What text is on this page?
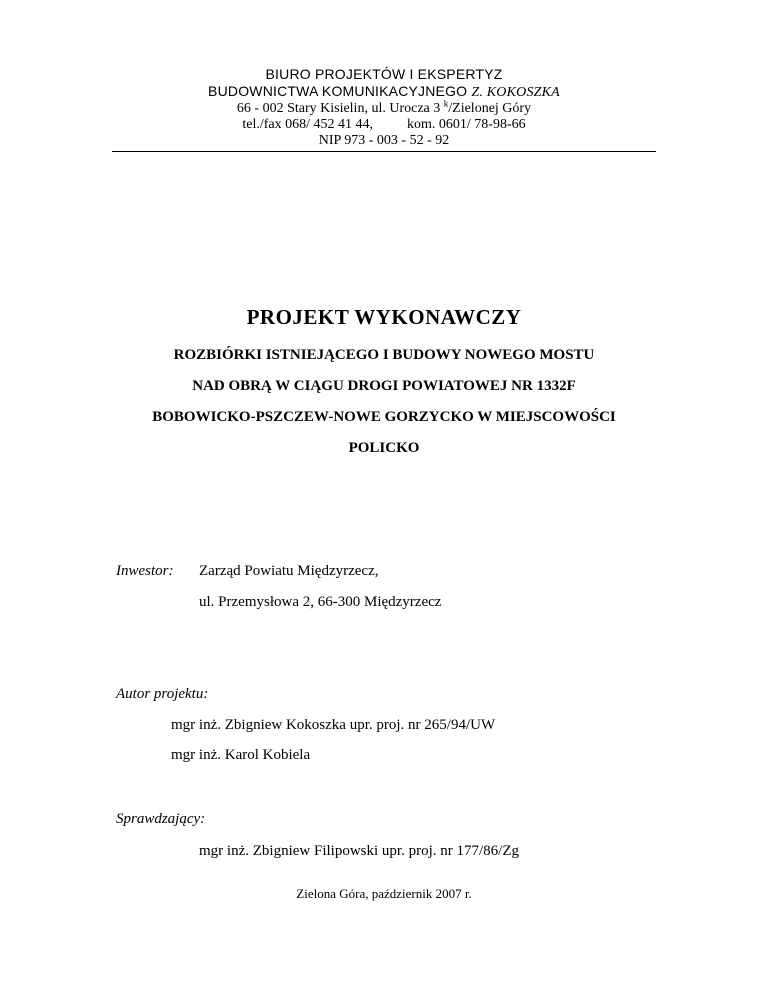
BIURO PROJEKTÓW I EKSPERTYZ
BUDOWNICTWA KOMUNIKACYJNEGO Z. KOKOSZKA
66 - 002 Stary Kisielin, ul. Urocza 3 $^k$/Zielonej Góry
tel./fax 068/ 452 41 44, kom. 0601/ 78-98-66
NIP 973 - 003 - 52 - 92
PROJEKT WYKONAWCZY
ROZBIÓRKI ISTNIEJĄCEGO I BUDOWY NOWEGO MOSTU
NAD OBRĄ W CIĄGU DROGI POWIATOWEJ NR 1332F
BOBOWICKO-PSZCZEW-NOWE GORZYCKO W MIEJSCOWOŚCI
POLICKO
Inwestor: Zarząd Powiatu Międzyrzecz,
ul. Przemysłowa 2, 66-300 Międzyrzecz
Autor projektu:
mgr inż. Zbigniew Kokoszka upr. proj. nr 265/94/UW
mgr inż. Karol Kobiela
Sprawdzający:
mgr inż. Zbigniew Filipowski upr. proj. nr 177/86/Zg
Zielona Góra, październik 2007 r.
